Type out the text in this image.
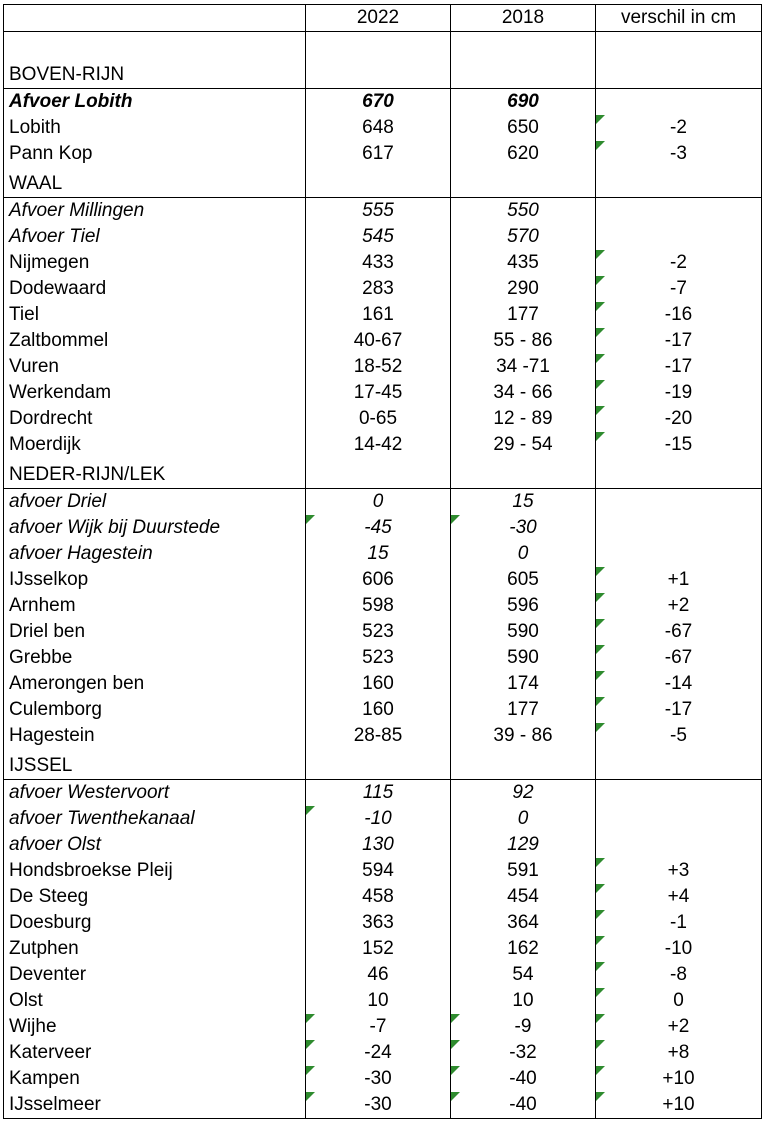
	2022	2018	verschil in cm

BOVEN-RIJN			
Afvoer Lobith	670	690	
Lobith	648	650	-2
Pann Kop	617	620	-3

WAAL			
Afvoer Millingen	555	550	
Afvoer Tiel	545	570	
Nijmegen	433	435	-2
Dodewaard	283	290	-7
Tiel	161	177	-16
Zaltbommel	40-67	55 - 86	-17
Vuren	18-52	34 -71	-17
Werkendam	17-45	34 - 66	-19
Dordrecht	0-65	12 - 89	-20
Moerdijk	14-42	29 - 54	-15

NEDER-RIJN/LEK			
afvoer Driel	0	15	
afvoer Wijk bij Duurstede	-45	-30	
afvoer Hagestein	15	0	
IJsselkop	606	605	+1
Arnhem	598	596	+2
Driel ben	523	590	-67
Grebbe	523	590	-67
Amerongen ben	160	174	-14
Culemborg	160	177	-17
Hagestein	28-85	39 - 86	-5

IJSSEL			
afvoer Westervoort	115	92	
afvoer Twenthekanaal	-10	0	
afvoer Olst	130	129	
Hondsbroekse Pleij	594	591	+3
De Steeg	458	454	+4
Doesburg	363	364	-1
Zutphen	152	162	-10
Deventer	46	54	-8
Olst	10	10	0
Wijhe	-7	-9	+2
Katerveer	-24	-32	+8
Kampen	-30	-40	+10
IJsselmeer	-30	-40	+10
